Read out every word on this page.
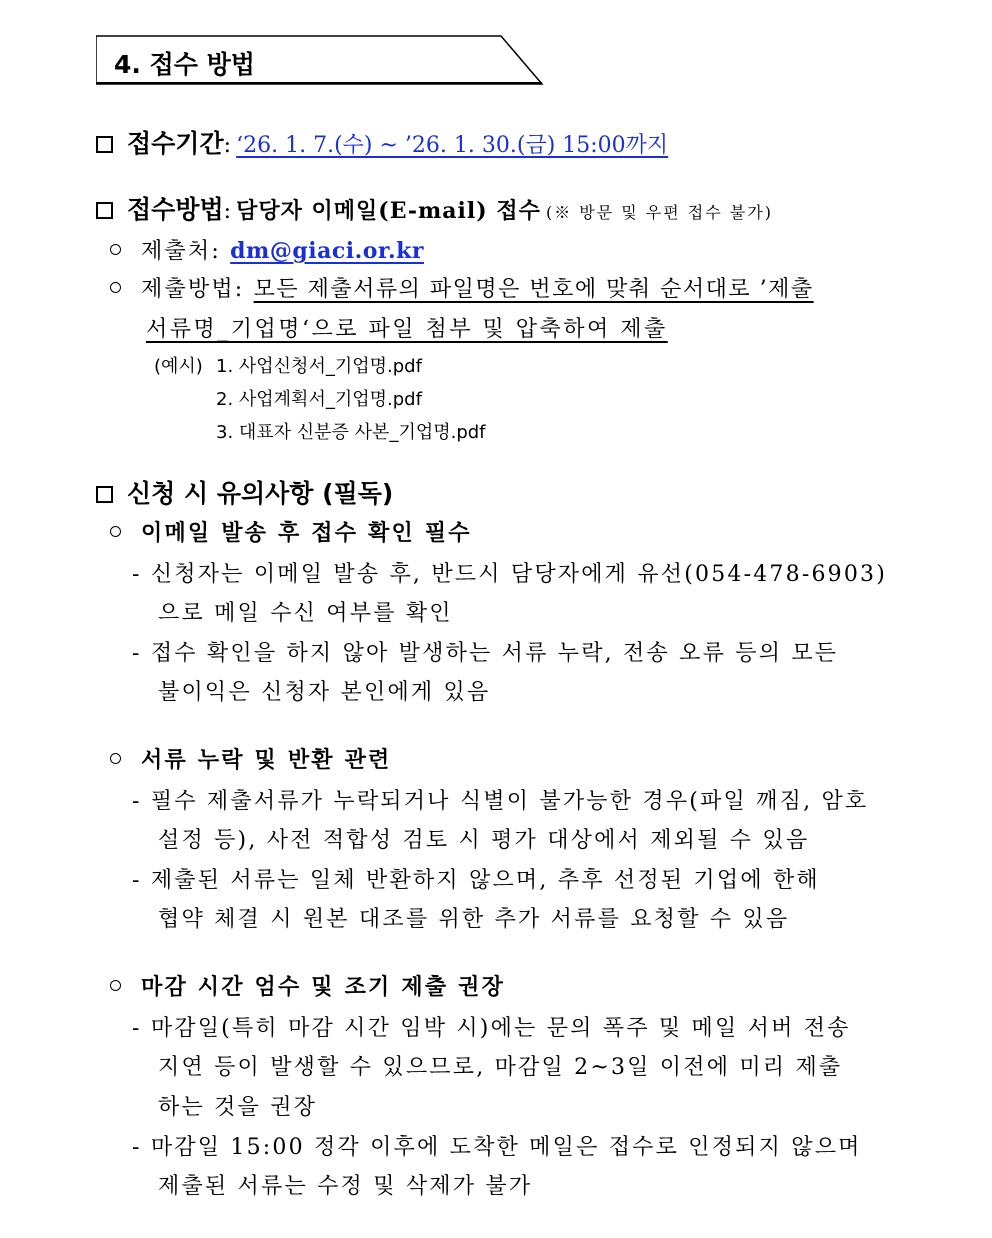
4. 접수 방법
접수기간: ‘26. 1. 7.(수) ~ ’26. 1. 30.(금) 15:00까지
접수방법: 담당자 이메일(E-mail) 접수 (※ 방문 및 우편 접수 불가)
제출처: dm@giaci.or.kr
제출방법: 모든 제출서류의 파일명은 번호에 맞춰 순서대로 ’제출
서류명_기업명‘으로 파일 첨부 및 압축하여 제출
(예시) 1. 사업신청서_기업명.pdf
2. 사업계획서_기업명.pdf
3. 대표자 신분증 사본_기업명.pdf
신청 시 유의사항 (필독)
이메일 발송 후 접수 확인 필수
- 신청자는 이메일 발송 후, 반드시 담당자에게 유선(054-478-6903)
으로 메일 수신 여부를 확인
- 접수 확인을 하지 않아 발생하는 서류 누락, 전송 오류 등의 모든
불이익은 신청자 본인에게 있음
서류 누락 및 반환 관련
- 필수 제출서류가 누락되거나 식별이 불가능한 경우(파일 깨짐, 암호
설정 등), 사전 적합성 검토 시 평가 대상에서 제외될 수 있음
- 제출된 서류는 일체 반환하지 않으며, 추후 선정된 기업에 한해
협약 체결 시 원본 대조를 위한 추가 서류를 요청할 수 있음
마감 시간 엄수 및 조기 제출 권장
- 마감일(특히 마감 시간 임박 시)에는 문의 폭주 및 메일 서버 전송
지연 등이 발생할 수 있으므로, 마감일 2~3일 이전에 미리 제출
하는 것을 권장
- 마감일 15:00 정각 이후에 도착한 메일은 접수로 인정되지 않으며
제출된 서류는 수정 및 삭제가 불가
